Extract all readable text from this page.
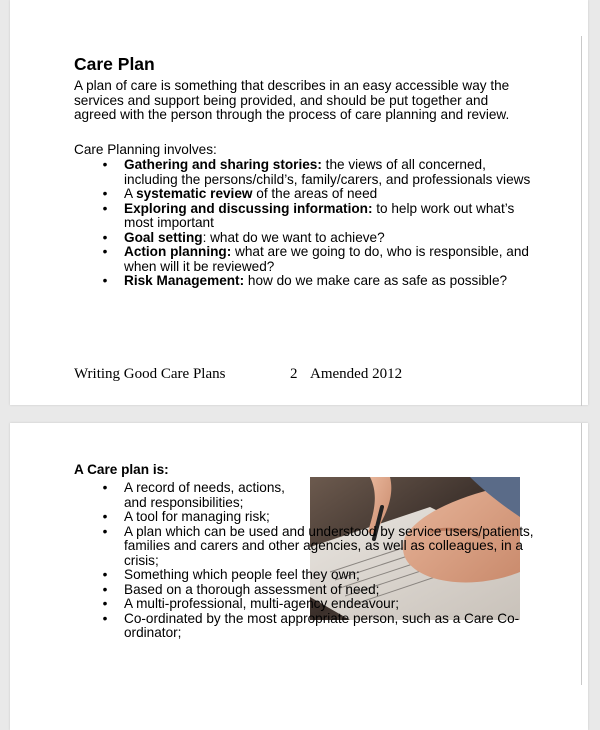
Care Plan

A plan of care is something that describes in an easy accessible way the services and support being provided, and should be put together and agreed with the person through the process of care planning and review.

Care Planning involves:

• Gathering and sharing stories: the views of all concerned, including the persons/child’s, family/carers, and professionals views
• A systematic review of the areas of need
• Exploring and discussing information: to help work out what’s most important
• Goal setting: what do we want to achieve?
• Action planning: what are we going to do, who is responsible, and when will it be reviewed?
• Risk Management: how do we make care as safe as possible?
Writing Good Care Plans	2 Amended 2012

A Care plan is:

• A record of needs, actions, and responsibilities;
• A tool for managing risk;
• A plan which can be used and understood by service users/patients, families and carers and other agencies, as well as colleagues, in a crisis;
• Something which people feel they own;
• Based on a thorough assessment of need;
• A multi-professional, multi-agency endeavour;
• Co-ordinated by the most appropriate person, such as a Care Co-ordinator;
